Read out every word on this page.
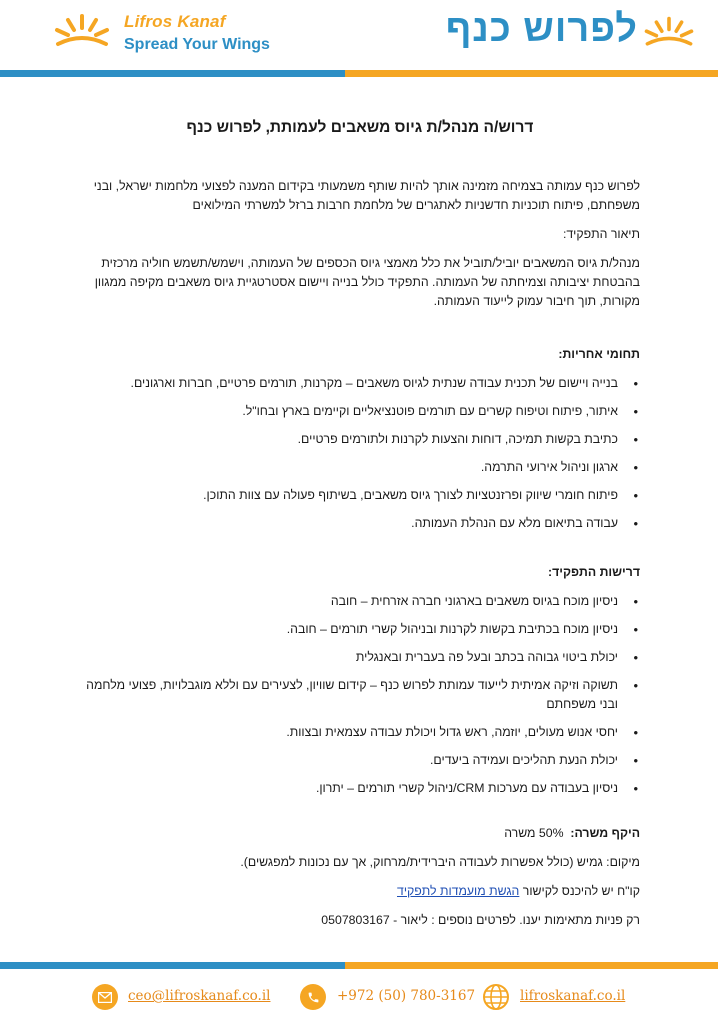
Lifros Kanaf
Spread Your Wings	לפרוש כנף
דרוש/ה מנהל/ת גיוס משאבים לעמותת, לפרוש כנף

לפרוש כנף עמותה בצמיחה מזמינה אותך להיות שותף משמעותי בקידום המענה לפצועי מלחמות ישראל, ובני משפחתם, פיתוח תוכניות חדשניות לאתגרים של מלחמת חרבות ברזל למשרתי המילואים

תיאור התפקיד:

מנהל/ת גיוס המשאבים יוביל/תוביל את כלל מאמצי גיוס הכספים של העמותה, וישמש/תשמש חוליה מרכזית בהבטחת יציבותה וצמיחתה של העמותה. התפקיד כולל בנייה ויישום אסטרטגיית גיוס משאבים מקיפה ממגוון מקורות, תוך חיבור עמוק לייעוד העמותה.

תחומי אחריות:
• בנייה ויישום של תכנית עבודה שנתית לגיוס משאבים – מקרנות, תורמים פרטיים, חברות וארגונים.
• איתור, פיתוח וטיפוח קשרים עם תורמים פוטנציאליים וקיימים בארץ ובחו"ל.
• כתיבת בקשות תמיכה, דוחות והצעות לקרנות ולתורמים פרטיים.
• ארגון וניהול אירועי התרמה.
• פיתוח חומרי שיווק ופרזנטציות לצורך גיוס משאבים, בשיתוף פעולה עם צוות התוכן.
• עבודה בתיאום מלא עם הנהלת העמותה.
דרישות התפקיד:
• ניסיון מוכח בגיוס משאבים בארגוני חברה אזרחית – חובה
• ניסיון מוכח בכתיבת בקשות לקרנות ובניהול קשרי תורמים – חובה.
• יכולת ביטוי גבוהה בכתב ובעל פה בעברית ובאנגלית
• תשוקה וזיקה אמיתית לייעוד עמותת לפרוש כנף – קידום שוויון, לצעירים עם וללא מוגבלויות, פצועי מלחמה ובני משפחתם
• יחסי אנוש מעולים, יוזמה, ראש גדול ויכולת עבודה עצמאית ובצוות.
• יכולת הנעת תהליכים ועמידה ביעדים.
• ניסיון בעבודה עם מערכות CRM/ניהול קשרי תורמים – יתרון.

היקף משרה:  50% משרה

מיקום: גמיש (כולל אפשרות לעבודה היברידית/מרחוק, אך עם נכונות למפגשים).

קו"ח יש להיכנס לקישור הגשת מועמדות לתפקיד

רק פניות מתאימות יענו. לפרטים נוספים : ליאור - 0507803167

ceo@lifroskanaf.co.il	+972 (50) 780-3167	lifroskanaf.co.il
